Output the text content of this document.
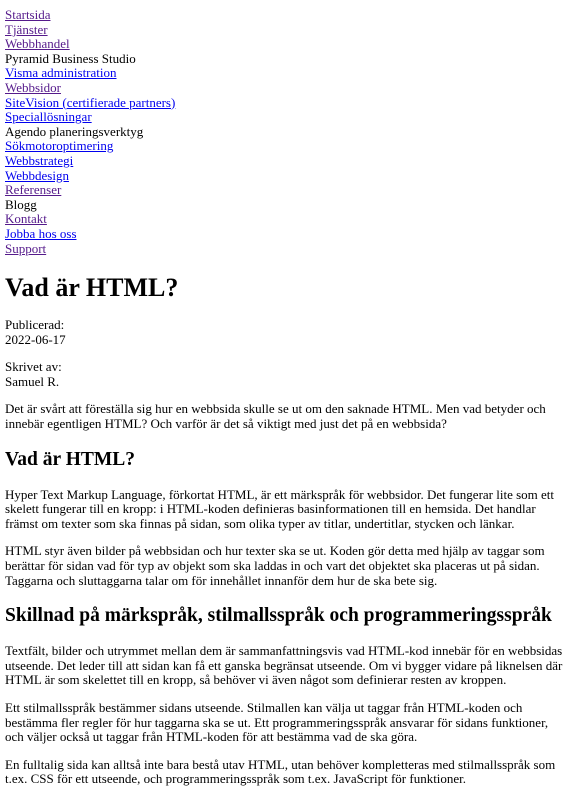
Startsida
Tjänster
Webbhandel
Pyramid Business Studio
Visma administration
Webbsidor
SiteVision (certifierade partners)
Speciallösningar
Agendo planeringsverktyg
Sökmotoroptimering
Webbstrategi
Webbdesign
Referenser
Blogg
Kontakt
Jobba hos oss
Support
Vad är HTML?
Publicerad:
2022-06-17
Skrivet av:
Samuel R.

Det är svårt att föreställa sig hur en webbsida skulle se ut om den saknade HTML. Men vad betyder och innebär egentligen HTML? Och varför är det så viktigt med just det på en webbsida?

Vad är HTML?

Hyper Text Markup Language, förkortat HTML, är ett märkspråk för webbsidor. Det fungerar lite som ett skelett fungerar till en kropp: i HTML-koden definieras basinformationen till en hemsida. Det handlar främst om texter som ska finnas på sidan, som olika typer av titlar, undertitlar, stycken och länkar.

HTML styr även bilder på webbsidan och hur texter ska se ut. Koden gör detta med hjälp av taggar som berättar för sidan vad för typ av objekt som ska laddas in och vart det objektet ska placeras ut på sidan. Taggarna och sluttaggarna talar om för innehållet innanför dem hur de ska bete sig.

Skillnad på märkspråk, stilmallsspråk och programmeringsspråk

Textfält, bilder och utrymmet mellan dem är sammanfattningsvis vad HTML-kod innebär för en webbsidas utseende. Det leder till att sidan kan få ett ganska begränsat utseende. Om vi bygger vidare på liknelsen där HTML är som skelettet till en kropp, så behöver vi även något som definierar resten av kroppen.

Ett stilmallsspråk bestämmer sidans utseende. Stilmallen kan välja ut taggar från HTML-koden och bestämma fler regler för hur taggarna ska se ut. Ett programmeringsspråk ansvarar för sidans funktioner, och väljer också ut taggar från HTML-koden för att bestämma vad de ska göra.

En fulltalig sida kan alltså inte bara bestå utav HTML, utan behöver kompletteras med stilmallsspråk som t.ex. CSS för ett utseende, och programmeringsspråk som t.ex. JavaScript för funktioner.
